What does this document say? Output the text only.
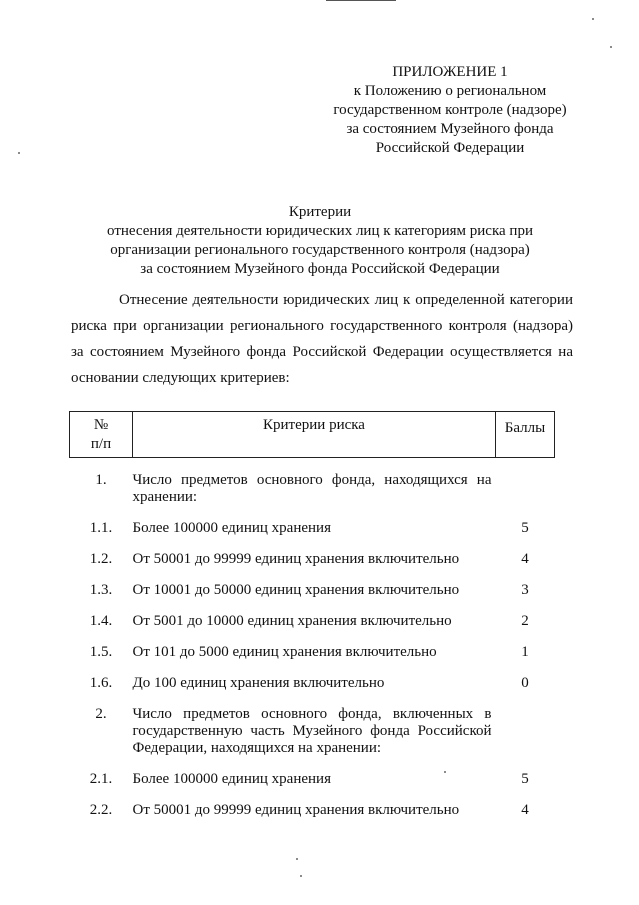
ПРИЛОЖЕНИЕ 1
к Положению о региональном
государственном контроле (надзоре)
за состоянием Музейного фонда
Российской Федерации
Критерии
отнесения деятельности юридических лиц к категориям риска при
организации регионального государственного контроля (надзора)
за состоянием Музейного фонда Российской Федерации

Отнесение деятельности юридических лиц к определенной категории риска при организации регионального государственного контроля (надзора) за состоянием Музейного фонда Российской Федерации осуществляется на основании следующих критериев:

№ п/п	Критерии риска	Баллы

1.	Число предметов основного фонда, находящихся на хранении:	

1.1.	Более 100000 единиц хранения	5

1.2.	От 50001 до 99999 единиц хранения включительно	4

1.3.	От 10001 до 50000 единиц хранения включительно	3

1.4.	От 5001 до 10000 единиц хранения включительно	2

1.5.	От 101 до 5000 единиц хранения включительно	1

1.6.	До 100 единиц хранения включительно	0

2.	Число предметов основного фонда, включенных в государственную часть Музейного фонда Российской Федерации, находящихся на хранении:	

2.1.	Более 100000 единиц хранения	5

2.2.	От 50001 до 99999 единиц хранения включительно	4
